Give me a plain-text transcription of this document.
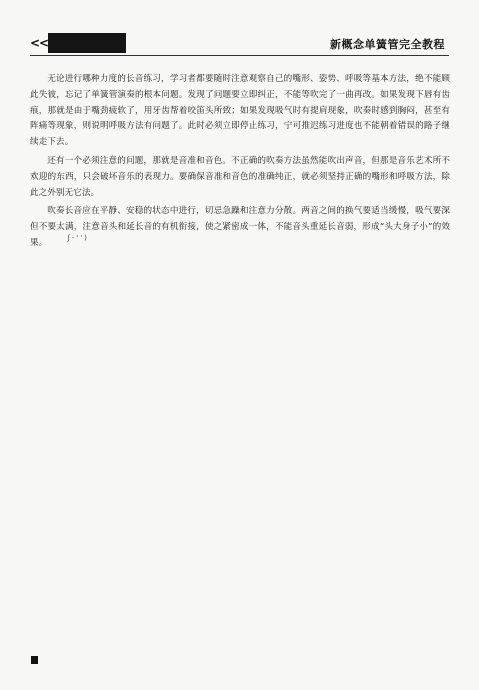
<<	新概念单簧管完全教程

无论进行哪种力度的长音练习，学习者都要随时注意观察自己的嘴形、姿势、呼吸等基本方法，绝不能顾此失彼，忘记了单簧管演奏的根本问题。发现了问题要立即纠正，不能等吹完了一曲再改。如果发现下唇有齿痕，那就是由于嘴劲疲软了，用牙齿帮着咬笛头所致；如果发现吸气时有提肩现象，吹奏时感到胸闷，甚至有阵痛等现象，则说明呼吸方法有问题了。此时必须立即停止练习，宁可推迟练习进度也不能朝着错误的路子继续走下去。

还有一个必须注意的问题，那就是音准和音色。不正确的吹奏方法虽然能吹出声音，但那是音乐艺术所不欢迎的东西，只会破坏音乐的表现力。要确保音准和音色的准确纯正，就必须坚持正确的嘴形和呼吸方法，除此之外别无它法。

吹奏长音应在平静、安稳的状态中进行，切忌急躁和注意力分散。两音之间的换气要适当缓慢，吸气要深但不要太满，注意音头和延长音的有机衔接，使之紧密成一体，不能音头重延长音弱，形成“头大身子小”的效果。	ʃ‑'ꞌ)
